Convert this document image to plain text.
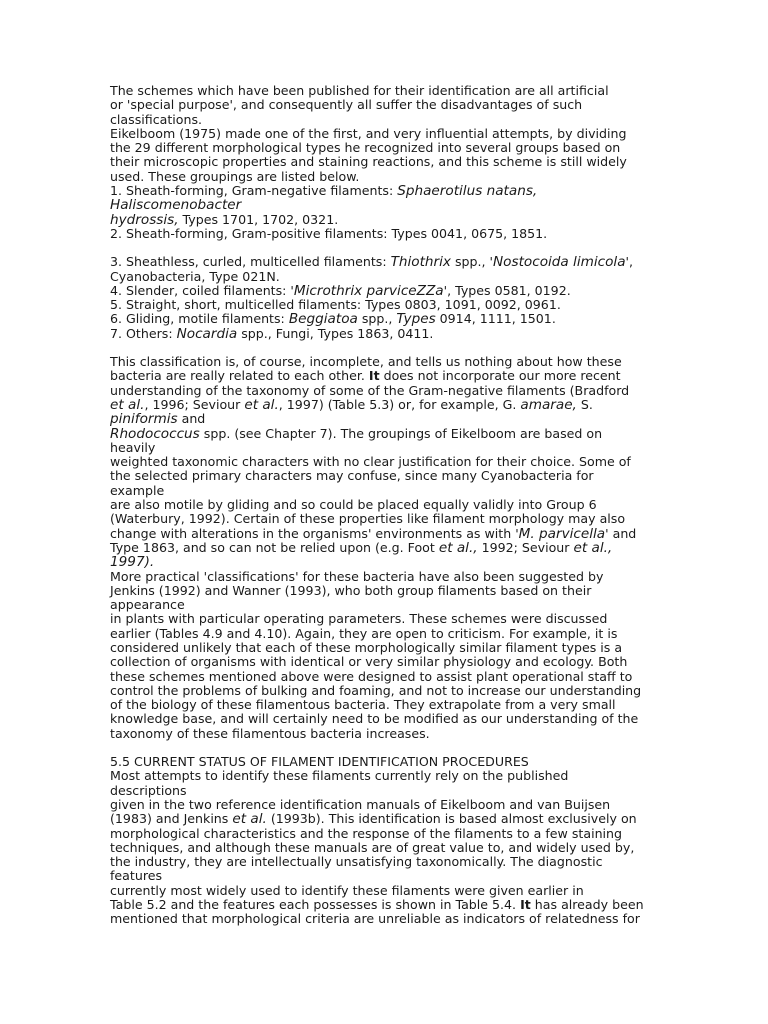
The schemes which have been published for their identification are all artificial
or 'special purpose', and consequently all suffer the disadvantages of such
classifications.
Eikelboom (1975) made one of the first, and very influential attempts, by dividing
the 29 different morphological types he recognized into several groups based on
their microscopic properties and staining reactions, and this scheme is still widely
used. These groupings are listed below.
1. Sheath-forming, Gram-negative filaments: Sphaerotilus natans,
Haliscomenobacter
hydrossis, Types 1701, 1702, 0321.
2. Sheath-forming, Gram-positive filaments: Types 0041, 0675, 1851.

3. Sheathless, curled, multicelled filaments: Thiothrix spp., 'Nostocoida limicola',
Cyanobacteria, Type 021N.
4. Slender, coiled filaments: 'Microthrix parviceZZa', Types 0581, 0192.
5. Straight, short, multicelled filaments: Types 0803, 1091, 0092, 0961.
6. Gliding, motile filaments: Beggiatoa spp., Types 0914, 1111, 1501.
7. Others: Nocardia spp., Fungi, Types 1863, 0411.

This classification is, of course, incomplete, and tells us nothing about how these
bacteria are really related to each other. It does not incorporate our more recent
understanding of the taxonomy of some of the Gram-negative filaments (Bradford
et al., 1996; Seviour et al., 1997) (Table 5.3) or, for example, G. amarae, S.
piniformis and
Rhodococcus spp. (see Chapter 7). The groupings of Eikelboom are based on
heavily
weighted taxonomic characters with no clear justification for their choice. Some of
the selected primary characters may confuse, since many Cyanobacteria for
example
are also motile by gliding and so could be placed equally validly into Group 6
(Waterbury, 1992). Certain of these properties like filament morphology may also
change with alterations in the organisms' environments as with 'M. parvicella' and
Type 1863, and so can not be relied upon (e.g. Foot et al., 1992; Seviour et al.,
1997).
More practical 'classifications' for these bacteria have also been suggested by
Jenkins (1992) and Wanner (1993), who both group filaments based on their
appearance
in plants with particular operating parameters. These schemes were discussed
earlier (Tables 4.9 and 4.10). Again, they are open to criticism. For example, it is
considered unlikely that each of these morphologically similar filament types is a
collection of organisms with identical or very similar physiology and ecology. Both
these schemes mentioned above were designed to assist plant operational staff to
control the problems of bulking and foaming, and not to increase our understanding
of the biology of these filamentous bacteria. They extrapolate from a very small
knowledge base, and will certainly need to be modified as our understanding of the
taxonomy of these filamentous bacteria increases.

5.5 CURRENT STATUS OF FILAMENT IDENTIFICATION PROCEDURES
Most attempts to identify these filaments currently rely on the published
descriptions
given in the two reference identification manuals of Eikelboom and van Buijsen
(1983) and Jenkins et al. (1993b). This identification is based almost exclusively on
morphological characteristics and the response of the filaments to a few staining
techniques, and although these manuals are of great value to, and widely used by,
the industry, they are intellectually unsatisfying taxonomically. The diagnostic
features
currently most widely used to identify these filaments were given earlier in
Table 5.2 and the features each possesses is shown in Table 5.4. It has already been
mentioned that morphological criteria are unreliable as indicators of relatedness for
